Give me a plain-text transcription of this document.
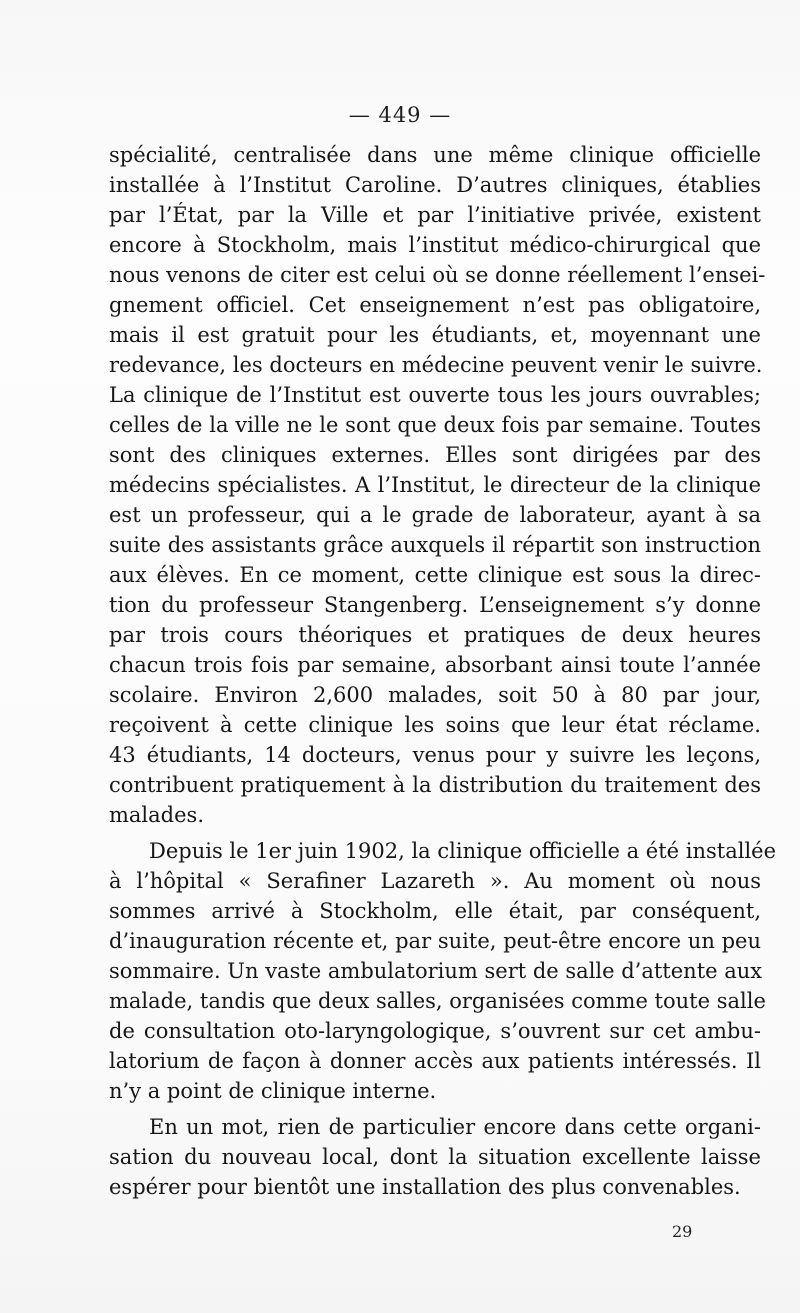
— 449 —
spécialité, centralisée dans une même clinique officielle
installée à l’Institut Caroline. D’autres cliniques, établies
par l’État, par la Ville et par l’initiative privée, existent
encore à Stockholm, mais l’institut médico-chirurgical que
nous venons de citer est celui où se donne réellement l’ensei-
gnement officiel. Cet enseignement n’est pas obligatoire,
mais il est gratuit pour les étudiants, et, moyennant une
redevance, les docteurs en médecine peuvent venir le suivre.
La clinique de l’Institut est ouverte tous les jours ouvrables;
celles de la ville ne le sont que deux fois par semaine. Toutes
sont des cliniques externes. Elles sont dirigées par des
médecins spécialistes. A l’Institut, le directeur de la clinique
est un professeur, qui a le grade de laborateur, ayant à sa
suite des assistants grâce auxquels il répartit son instruction
aux élèves. En ce moment, cette clinique est sous la direc-
tion du professeur Stangenberg. L’enseignement s’y donne
par trois cours théoriques et pratiques de deux heures
chacun trois fois par semaine, absorbant ainsi toute l’année
scolaire. Environ 2,600 malades, soit 50 à 80 par jour,
reçoivent à cette clinique les soins que leur état réclame.
43 étudiants, 14 docteurs, venus pour y suivre les leçons,
contribuent pratiquement à la distribution du traitement des
malades.
Depuis le 1er juin 1902, la clinique officielle a été installée
à l’hôpital « Serafiner Lazareth ». Au moment où nous
sommes arrivé à Stockholm, elle était, par conséquent,
d’inauguration récente et, par suite, peut-être encore un peu
sommaire. Un vaste ambulatorium sert de salle d’attente aux
malade, tandis que deux salles, organisées comme toute salle
de consultation oto-laryngologique, s’ouvrent sur cet ambu-
latorium de façon à donner accès aux patients intéressés. Il
n’y a point de clinique interne.
En un mot, rien de particulier encore dans cette organi-
sation du nouveau local, dont la situation excellente laisse
espérer pour bientôt une installation des plus convenables.
29
